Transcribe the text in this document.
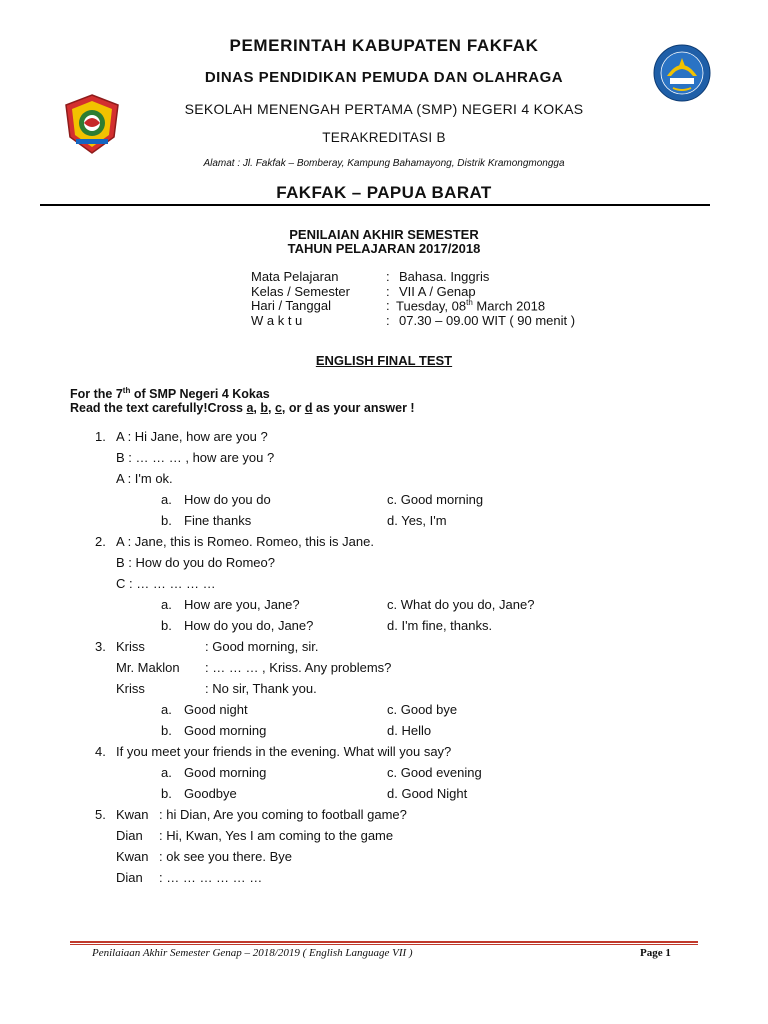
PEMERINTAH KABUPATEN FAKFAK
DINAS PENDIDIKAN PEMUDA DAN OLAHRAGA
SEKOLAH MENENGAH PERTAMA (SMP) NEGERI 4 KOKAS
TERAKREDITASI B
Alamat : Jl. Fakfak – Bomberay, Kampung Bahamayong, Distrik Kramongmongga
FAKFAK – PAPUA BARAT
PENILAIAN AKHIR SEMESTER
TAHUN PELAJARAN 2017/2018
Mata Pelajaran	: Bahasa. Inggris
Kelas / Semester	: VII A / Genap
Hari / Tanggal	: Tuesday, 08th March 2018
W a k t u	: 07.30 – 09.00 WIT ( 90 menit )
ENGLISH FINAL TEST
For the 7th of SMP Negeri 4 Kokas
Read the text carefully!Cross a, b, c, or d as your answer !
1. A : Hi Jane, how are you ?
B : … … … , how are you ?
A : I'm ok.
a. How do you do	c. Good morning
b. Fine thanks	d. Yes, I'm
2. A : Jane, this is Romeo. Romeo, this is Jane.
B : How do you do Romeo?
C : … … … … …
a. How are you, Jane?	c. What do you do, Jane?
b. How do you do, Jane?	d. I'm fine, thanks.
3. Kriss	: Good morning, sir.
Mr. Maklon : … … … , Kriss. Any problems?
Kriss	: No sir, Thank you.
a. Good night	c. Good bye
b. Good morning	d. Hello
4. If you meet your friends in the evening. What will you say?
a. Good morning	c. Good evening
b. Goodbye	d. Good Night
5. Kwan : hi Dian, Are you coming to football game?
Dian : Hi, Kwan, Yes I am coming to the game
Kwan : ok see you there. Bye
Dian : … … … … … …
Penilaiaan Akhir Semester Genap – 2018/2019 ( English Language VII )	Page 1
